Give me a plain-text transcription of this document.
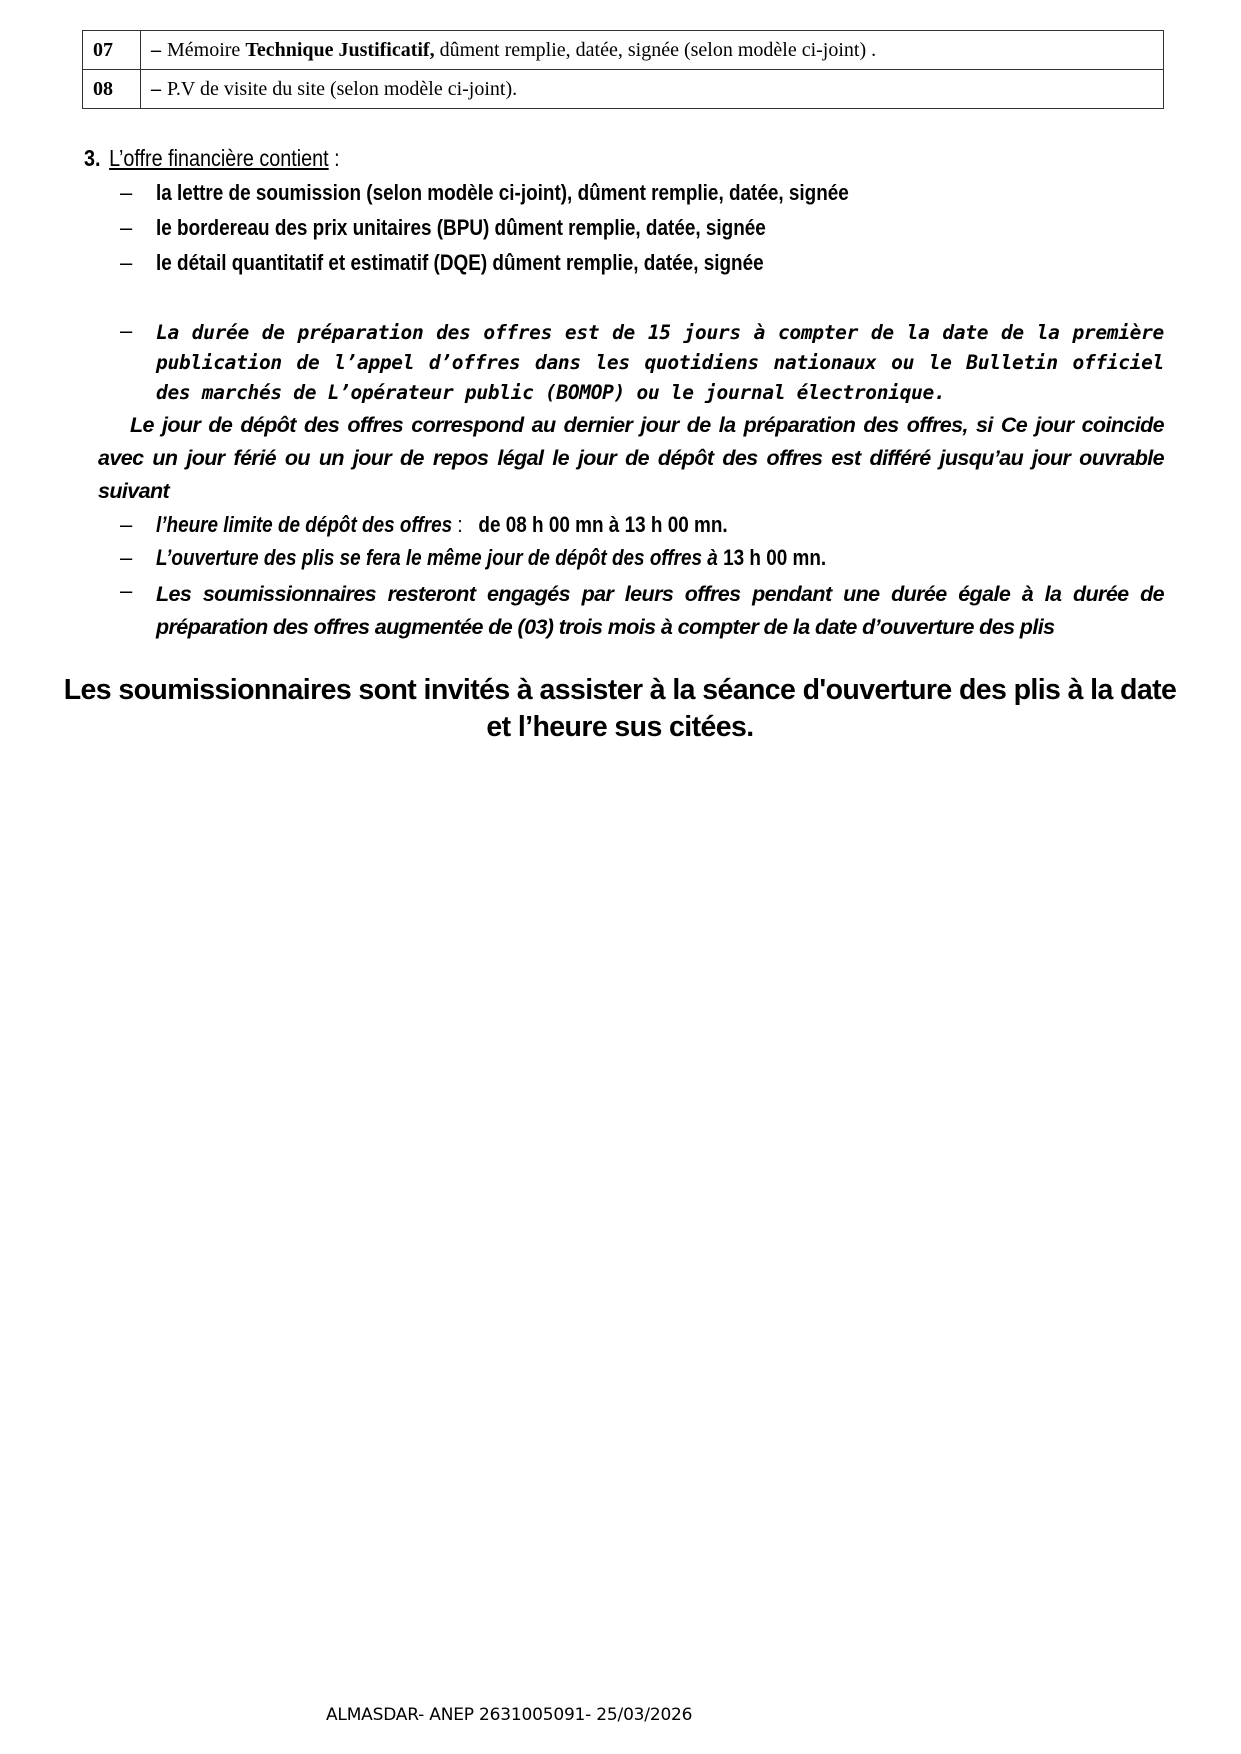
07	– Mémoire Technique Justificatif, dûment remplie, datée, signée (selon modèle ci-joint) .
08	– P.V de visite du site (selon modèle ci-joint).
3. L’offre financière contient :
– la lettre de soumission (selon modèle ci-joint), dûment remplie, datée, signée
– le bordereau des prix unitaires (BPU) dûment remplie, datée, signée
– le détail quantitatif et estimatif (DQE) dûment remplie, datée, signée
– La durée de préparation des offres est de 15 jours à compter de la date de la première publication de l’appel d’offres dans les quotidiens nationaux ou le Bulletin officiel des marchés de L’opérateur public (BOMOP) ou le journal électronique.
Le jour de dépôt des offres correspond au dernier jour de la préparation des offres, si Ce jour coincide
avec un jour férié ou un jour de repos légal le jour de dépôt des offres est différé jusqu’au jour ouvrable
suivant
– l’heure limite de dépôt des offres :   de 08 h 00 mn à 13 h 00 mn.
– L’ouverture des plis se fera le même jour de dépôt des offres à 13 h 00 mn.
– Les soumissionnaires resteront engagés par leurs offres pendant une durée égale à la durée de préparation des offres augmentée de (03) trois mois à compter de la date d’ouverture des plis
Les soumissionnaires sont invités à assister à la séance d'ouverture des plis à la date
et l’heure sus citées.
ALMASDAR- ANEP 2631005091- 25/03/2026
